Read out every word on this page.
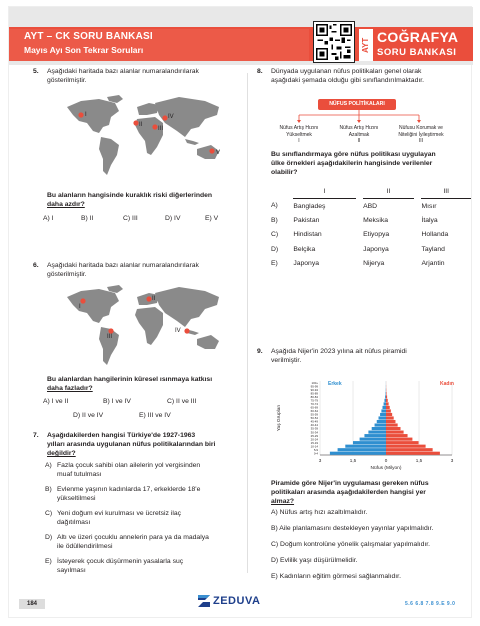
AYT – CK SORU BANKASI
Mayıs Ayı Son Tekrar Soruları	AYT
COĞRAFYA
SORU BANKASI
5. Aşağıdaki haritada bazı alanlar numaralandırılarak
gösterilmiştir.
I
II
III
IV
V
Bu alanların hangisinde kuraklık riski diğerlerinden
daha azdır?
A) I	B) II	C) III	D) IV	E) V
6. Aşağıdaki haritada bazı alanlar numaralandırılarak
gösterilmiştir.
I
II
III
IV
Bu alanlardan hangilerinin küresel ısınmaya katkısı
daha fazladır?
A) I ve II	B) I ve IV	C) II ve III
D) II ve IV	E) III ve IV
7. Aşağıdakilerden hangisi Türkiye'de 1927-1963
yılları arasında uygulanan nüfus politikalarından biri
değildir?
A) Fazla çocuk sahibi olan ailelerin yol vergisinden
muaf tutulması
B) Evlenme yaşının kadınlarda 17, erkeklerde 18'e
yükseltilmesi
C) Yeni doğum evi kurulması ve ücretsiz ilaç
dağıtılması
D) Altı ve üzeri çocuklu annelerin para ya da madalya
ile ödüllendirilmesi
E) İsteyerek çocuk düşürmenin yasalarla suç
sayılması
8. Dünyada uygulanan nüfus politikaları genel olarak
aşağıdaki şemada olduğu gibi sınıflandırılmaktadır.
NÜFUS POLİTİKALARI
Nüfus Artış Hızını
Yükseltmek
I
Nüfus Artış Hızını
Azaltmak
II
Nüfusu Korumak ve
Niteliğini İyileştirmek
III
Bu sınıflandırmaya göre nüfus politikası uygulayan
ülke örnekleri aşağıdakilerin hangisinde verilenler
olabilir?
	I		II		III
A)	Bangladeş		ABD		Mısır
B)	Pakistan		Meksika		İtalya
C)	Hindistan		Etiyopya		Hollanda
D)	Belçika		Japonya		Tayland
E)	Japonya		Nijerya		Arjantin
9. Aşağıda Nijer'in 2023 yılına ait nüfus piramidi
verilmiştir.
3	1,5	0	1,5	3
0-4
5-9
10-14
15-19
20-24
25-29
30-34
35-39
40-44
45-49
50-54
55-59
60-64
65-69
70-74
75-79
80-84
85-89
90-94
95-99
100+ Erkek	Kadın
Nüfus (Milyon)
Yaş Grupları
Piramide göre Nijer'in uygulaması gereken nüfus
politikaları arasında aşağıdakilerden hangisi yer
almaz?
A) Nüfus artış hızı azaltılmalıdır.
B) Aile planlamasını destekleyen yayınlar yapılmalıdır.
C) Doğum kontrolüne yönelik çalışmalar yapılmalıdır.
D) Evlilik yaşı düşürülmelidir.
E) Kadınların eğitim görmesi sağlanmalıdır.
184	ZEDUVA	5.6 6.8 7.8 9.E 9.0
